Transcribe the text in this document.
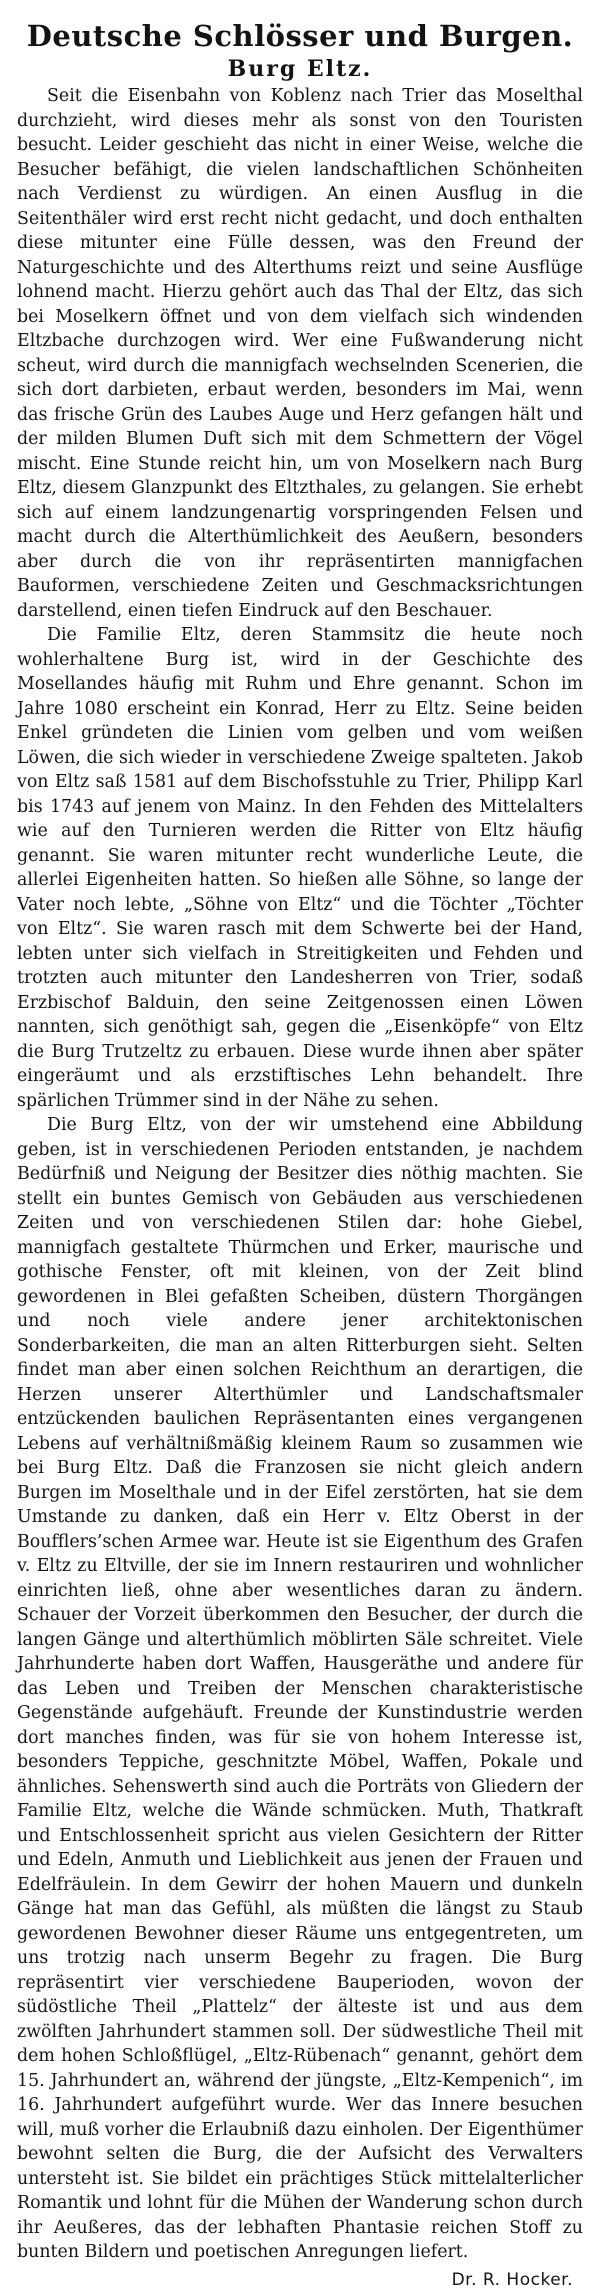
Deutsche Schlösser und Burgen.
Burg Eltz.

Seit die Eisenbahn von Koblenz nach Trier das Moselthal durchzieht, wird dieses mehr als sonst von den Touristen besucht. Leider geschieht das nicht in einer Weise, welche die Besucher befähigt, die vielen landschaftlichen Schönheiten nach Verdienst zu würdigen. An einen Ausflug in die Seitenthäler wird erst recht nicht gedacht, und doch enthalten diese mitunter eine Fülle dessen, was den Freund der Naturgeschichte und des Alterthums reizt und seine Ausflüge lohnend macht. Hierzu gehört auch das Thal der Eltz, das sich bei Moselkern öffnet und von dem vielfach sich windenden Eltzbache durchzogen wird. Wer eine Fußwanderung nicht scheut, wird durch die mannigfach wechselnden Scenerien, die sich dort darbieten, erbaut werden, besonders im Mai, wenn das frische Grün des Laubes Auge und Herz gefangen hält und der milden Blumen Duft sich mit dem Schmettern der Vögel mischt. Eine Stunde reicht hin, um von Moselkern nach Burg Eltz, diesem Glanzpunkt des Eltzthales, zu gelangen. Sie erhebt sich auf einem landzungenartig vorspringenden Felsen und macht durch die Alterthümlichkeit des Aeußern, besonders aber durch die von ihr repräsentirten mannigfachen Bauformen, verschiedene Zeiten und Geschmacksrichtungen darstellend, einen tiefen Eindruck auf den Beschauer.

Die Familie Eltz, deren Stammsitz die heute noch wohlerhaltene Burg ist, wird in der Geschichte des Mosellandes häufig mit Ruhm und Ehre genannt. Schon im Jahre 1080 erscheint ein Konrad, Herr zu Eltz. Seine beiden Enkel gründeten die Linien vom gelben und vom weißen Löwen, die sich wieder in verschiedene Zweige spalteten. Jakob von Eltz saß 1581 auf dem Bischofsstuhle zu Trier, Philipp Karl bis 1743 auf jenem von Mainz. In den Fehden des Mittelalters wie auf den Turnieren werden die Ritter von Eltz häufig genannt. Sie waren mitunter recht wunderliche Leute, die allerlei Eigenheiten hatten. So hießen alle Söhne, so lange der Vater noch lebte, „Söhne von Eltz“ und die Töchter „Töchter von Eltz“. Sie waren rasch mit dem Schwerte bei der Hand, lebten unter sich vielfach in Streitigkeiten und Fehden und trotzten auch mitunter den Landesherren von Trier, sodaß Erzbischof Balduin, den seine Zeitgenossen einen Löwen nannten, sich genöthigt sah, gegen die „Eisenköpfe“ von Eltz die Burg Trutzeltz zu erbauen. Diese wurde ihnen aber später eingeräumt und als erzstiftisches Lehn behandelt. Ihre spärlichen Trümmer sind in der Nähe zu sehen.

Die Burg Eltz, von der wir umstehend eine Abbildung geben, ist in verschiedenen Perioden entstanden, je nachdem Bedürfniß und Neigung der Besitzer dies nöthig machten. Sie stellt ein buntes Gemisch von Gebäuden aus verschiedenen Zeiten und von verschiedenen Stilen dar: hohe Giebel, mannigfach gestaltete Thürmchen und Erker, maurische und gothische Fenster, oft mit kleinen, von der Zeit blind gewordenen in Blei gefaßten Scheiben, düstern Thorgängen und noch viele andere jener architektonischen Sonderbarkeiten, die man an alten Ritterburgen sieht. Selten findet man aber einen solchen Reichthum an derartigen, die Herzen unserer Alterthümler und Landschaftsmaler entzückenden baulichen Repräsentanten eines vergangenen Lebens auf verhältnißmäßig kleinem Raum so zusammen wie bei Burg Eltz. Daß die Franzosen sie nicht gleich andern Burgen im Moselthale und in der Eifel zerstörten, hat sie dem Umstande zu danken, daß ein Herr v. Eltz Oberst in der Boufflers’schen Armee war. Heute ist sie Eigenthum des Grafen v. Eltz zu Eltville, der sie im Innern restauriren und wohnlicher einrichten ließ, ohne aber wesentliches daran zu ändern. Schauer der Vorzeit überkommen den Besucher, der durch die langen Gänge und alterthümlich möblirten Säle schreitet. Viele Jahrhunderte haben dort Waffen, Hausgeräthe und andere für das Leben und Treiben der Menschen charakteristische Gegenstände aufgehäuft. Freunde der Kunstindustrie werden dort manches finden, was für sie von hohem Interesse ist, besonders Teppiche, geschnitzte Möbel, Waffen, Pokale und ähnliches. Sehenswerth sind auch die Porträts von Gliedern der Familie Eltz, welche die Wände schmücken. Muth, Thatkraft und Entschlossenheit spricht aus vielen Gesichtern der Ritter und Edeln, Anmuth und Lieblichkeit aus jenen der Frauen und Edelfräulein. In dem Gewirr der hohen Mauern und dunkeln Gänge hat man das Gefühl, als müßten die längst zu Staub gewordenen Bewohner dieser Räume uns entgegentreten, um uns trotzig nach unserm Begehr zu fragen. Die Burg repräsentirt vier verschiedene Bauperioden, wovon der südöstliche Theil „Plattelz“ der älteste ist und aus dem zwölften Jahrhundert stammen soll. Der südwestliche Theil mit dem hohen Schloßflügel, „Eltz-Rübenach“ genannt, gehört dem 15. Jahrhundert an, während der jüngste, „Eltz-Kempenich“, im 16. Jahrhundert aufgeführt wurde. Wer das Innere besuchen will, muß vorher die Erlaubniß dazu einholen. Der Eigenthümer bewohnt selten die Burg, die der Aufsicht des Verwalters untersteht ist. Sie bildet ein prächtiges Stück mittelalterlicher Romantik und lohnt für die Mühen der Wanderung schon durch ihr Aeußeres, das der lebhaften Phantasie reichen Stoff zu bunten Bildern und poetischen Anregungen liefert.

Dr. R. Hocker.
